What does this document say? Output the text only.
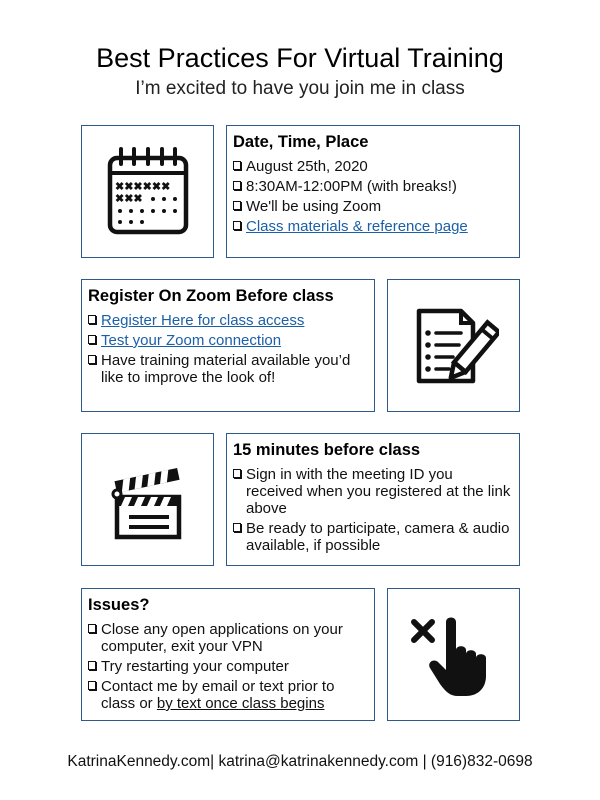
Best Practices For Virtual Training
I’m excited to have you join me in class
✖✖✖✖✖✖
✖✖✖
Date, Time, Place
August 25th, 2020
8:30AM-12:00PM (with breaks!)
We'll be using Zoom
Class materials & reference page
Register On Zoom Before class
Register Here for class access
Test your Zoom connection
Have training material available you’d like to improve the look of!
15 minutes before class
Sign in with the meeting ID you received when you registered at the link above
Be ready to participate, camera & audio available, if possible
Issues?
Close any open applications on your computer, exit your VPN
Try restarting your computer
Contact me by email or text prior to class or by text once class begins
KatrinaKennedy.com| katrina@katrinakennedy.com | (916)832-0698
